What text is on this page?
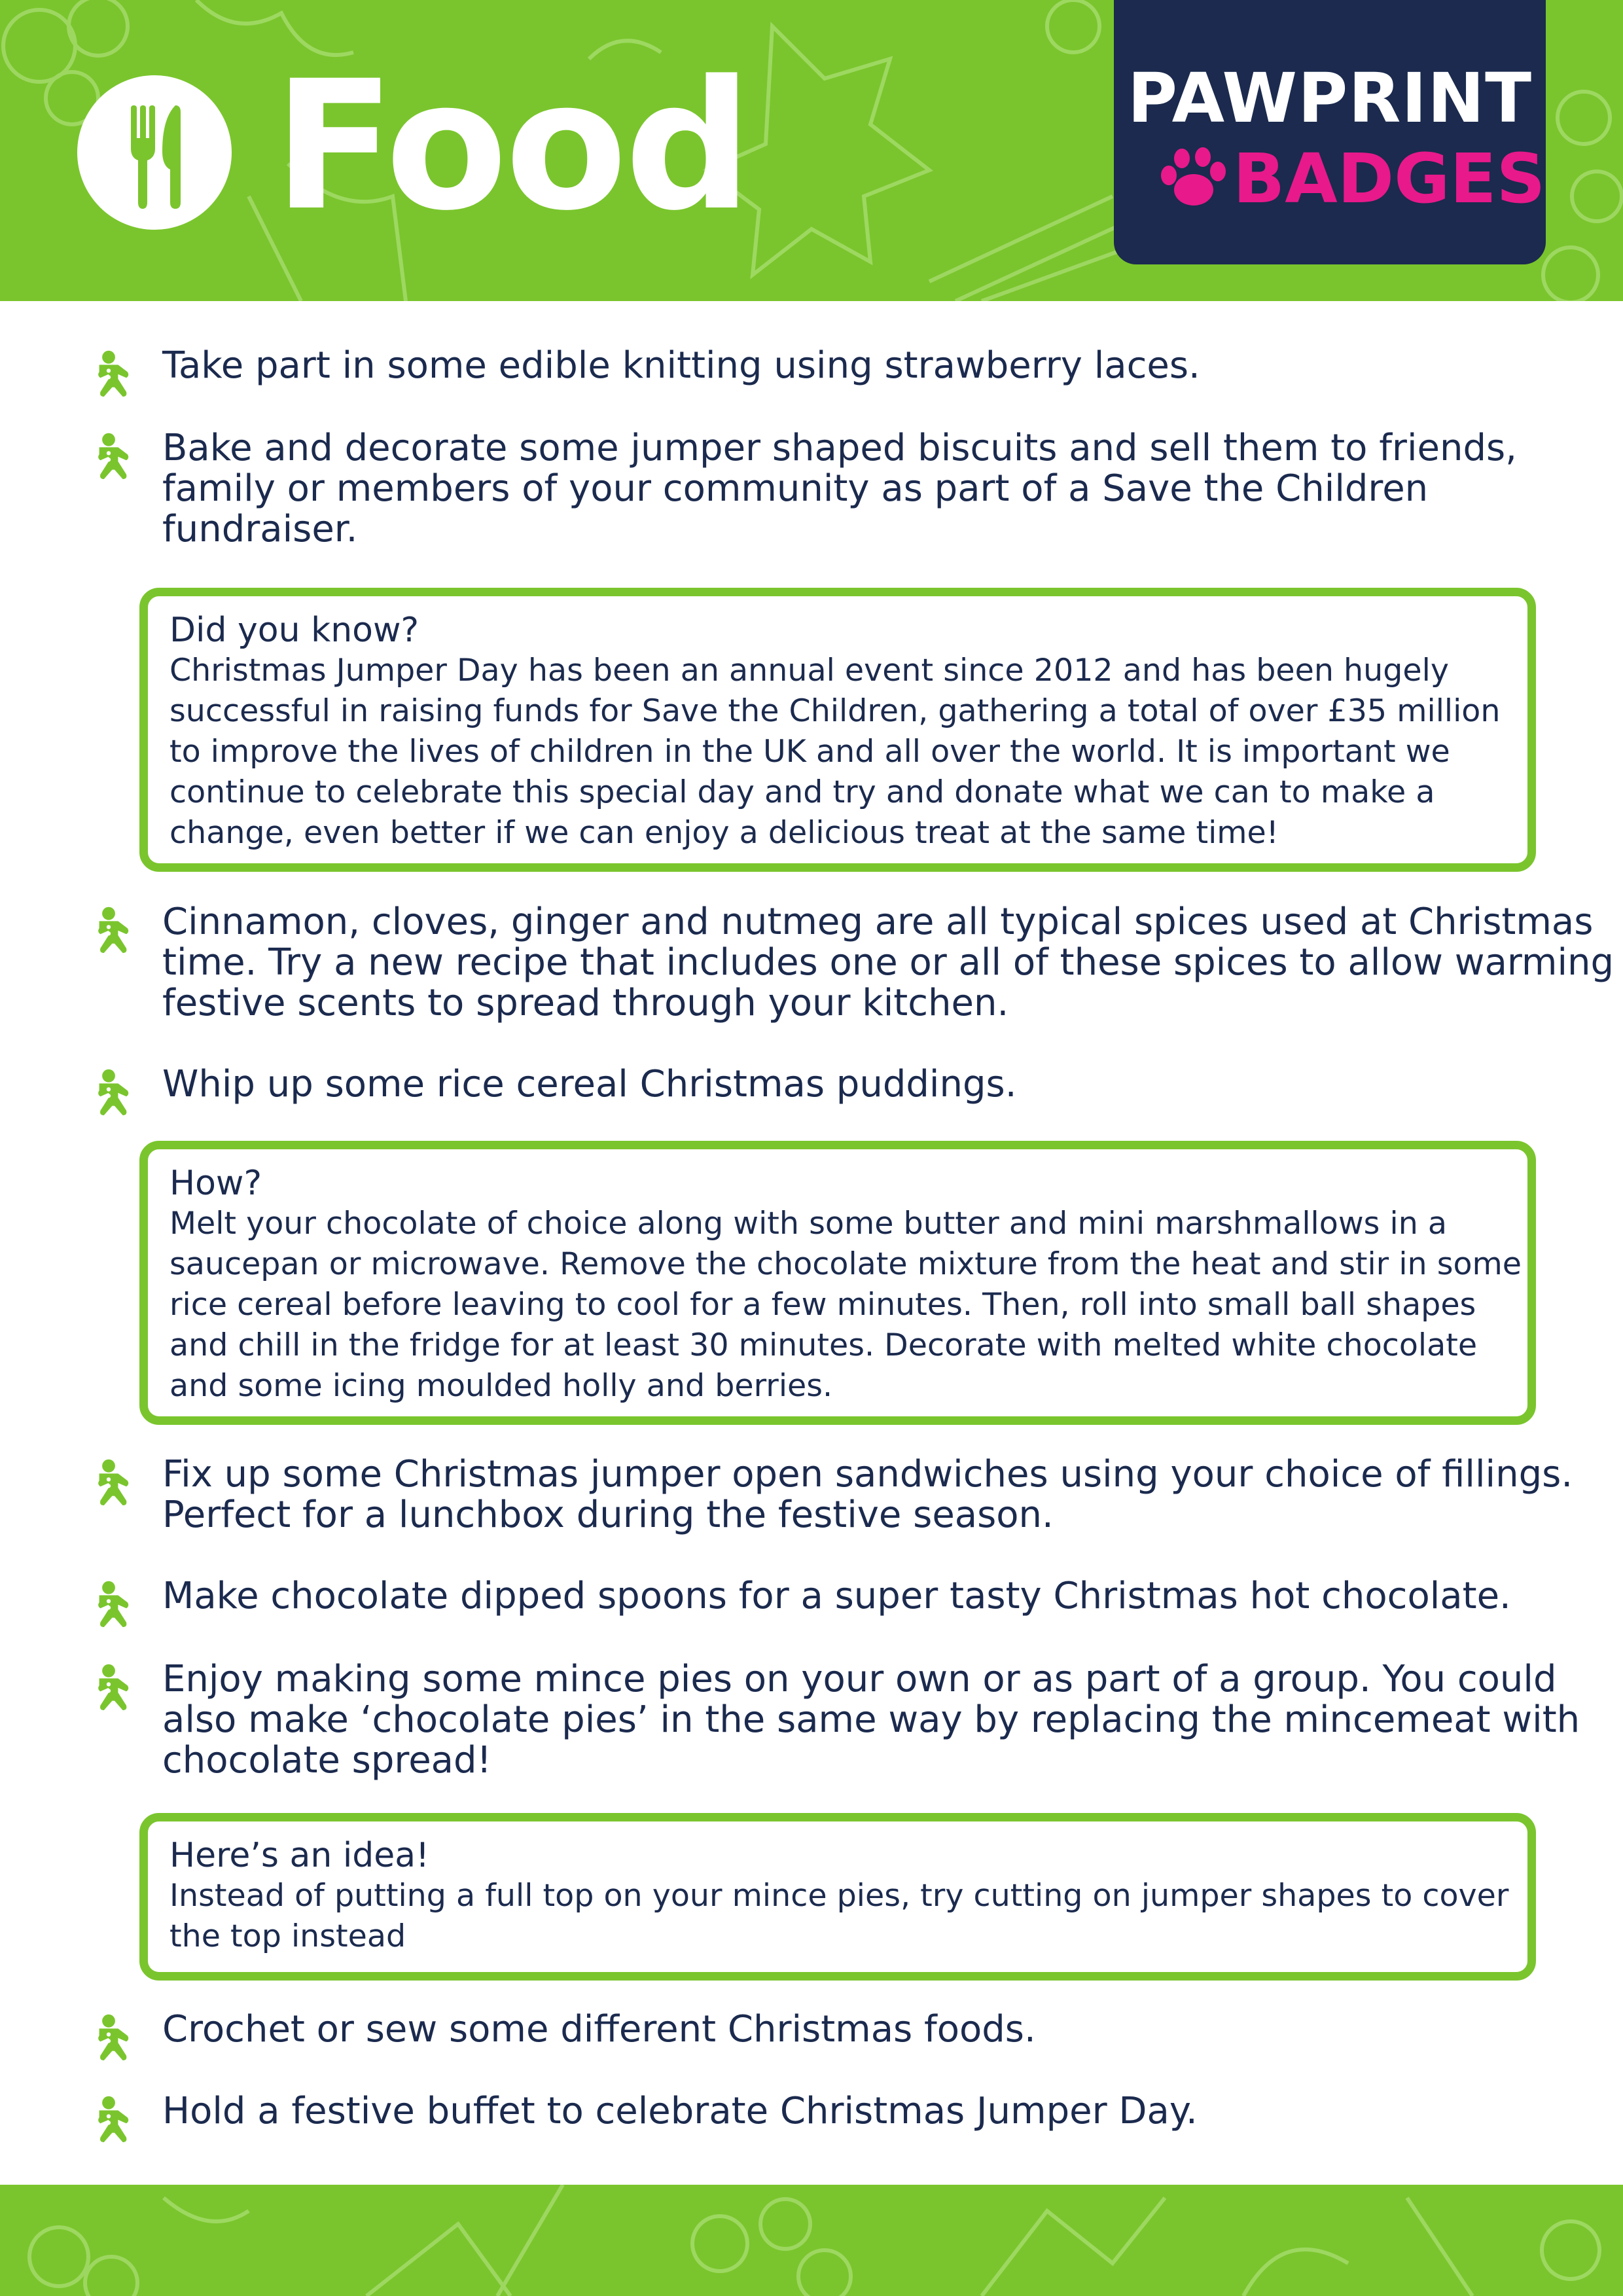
Food	PAWPRINT
BADGES

Take part in some edible knitting using strawberry laces.

Bake and decorate some jumper shaped biscuits and sell them to friends, family or members of your community as part of a Save the Children fundraiser.

Did you know?
Christmas Jumper Day has been an annual event since 2012 and has been hugely successful in raising funds for Save the Children, gathering a total of over £35 million to improve the lives of children in the UK and all over the world. It is important we continue to celebrate this special day and try and donate what we can to make a change, even better if we can enjoy a delicious treat at the same time!

Cinnamon, cloves, ginger and nutmeg are all typical spices used at Christmas time. Try a new recipe that includes one or all of these spices to allow warming festive scents to spread through your kitchen.

Whip up some rice cereal Christmas puddings.

How?
Melt your chocolate of choice along with some butter and mini marshmallows in a saucepan or microwave. Remove the chocolate mixture from the heat and stir in some rice cereal before leaving to cool for a few minutes. Then, roll into small ball shapes and chill in the fridge for at least 30 minutes. Decorate with melted white chocolate and some icing moulded holly and berries.

Fix up some Christmas jumper open sandwiches using your choice of fillings. Perfect for a lunchbox during the festive season.

Make chocolate dipped spoons for a super tasty Christmas hot chocolate.

Enjoy making some mince pies on your own or as part of a group. You could also make ‘chocolate pies’ in the same way by replacing the mincemeat with chocolate spread!

Here’s an idea!
Instead of putting a full top on your mince pies, try cutting on jumper shapes to cover the top instead

Crochet or sew some different Christmas foods.

Hold a festive buffet to celebrate Christmas Jumper Day.
